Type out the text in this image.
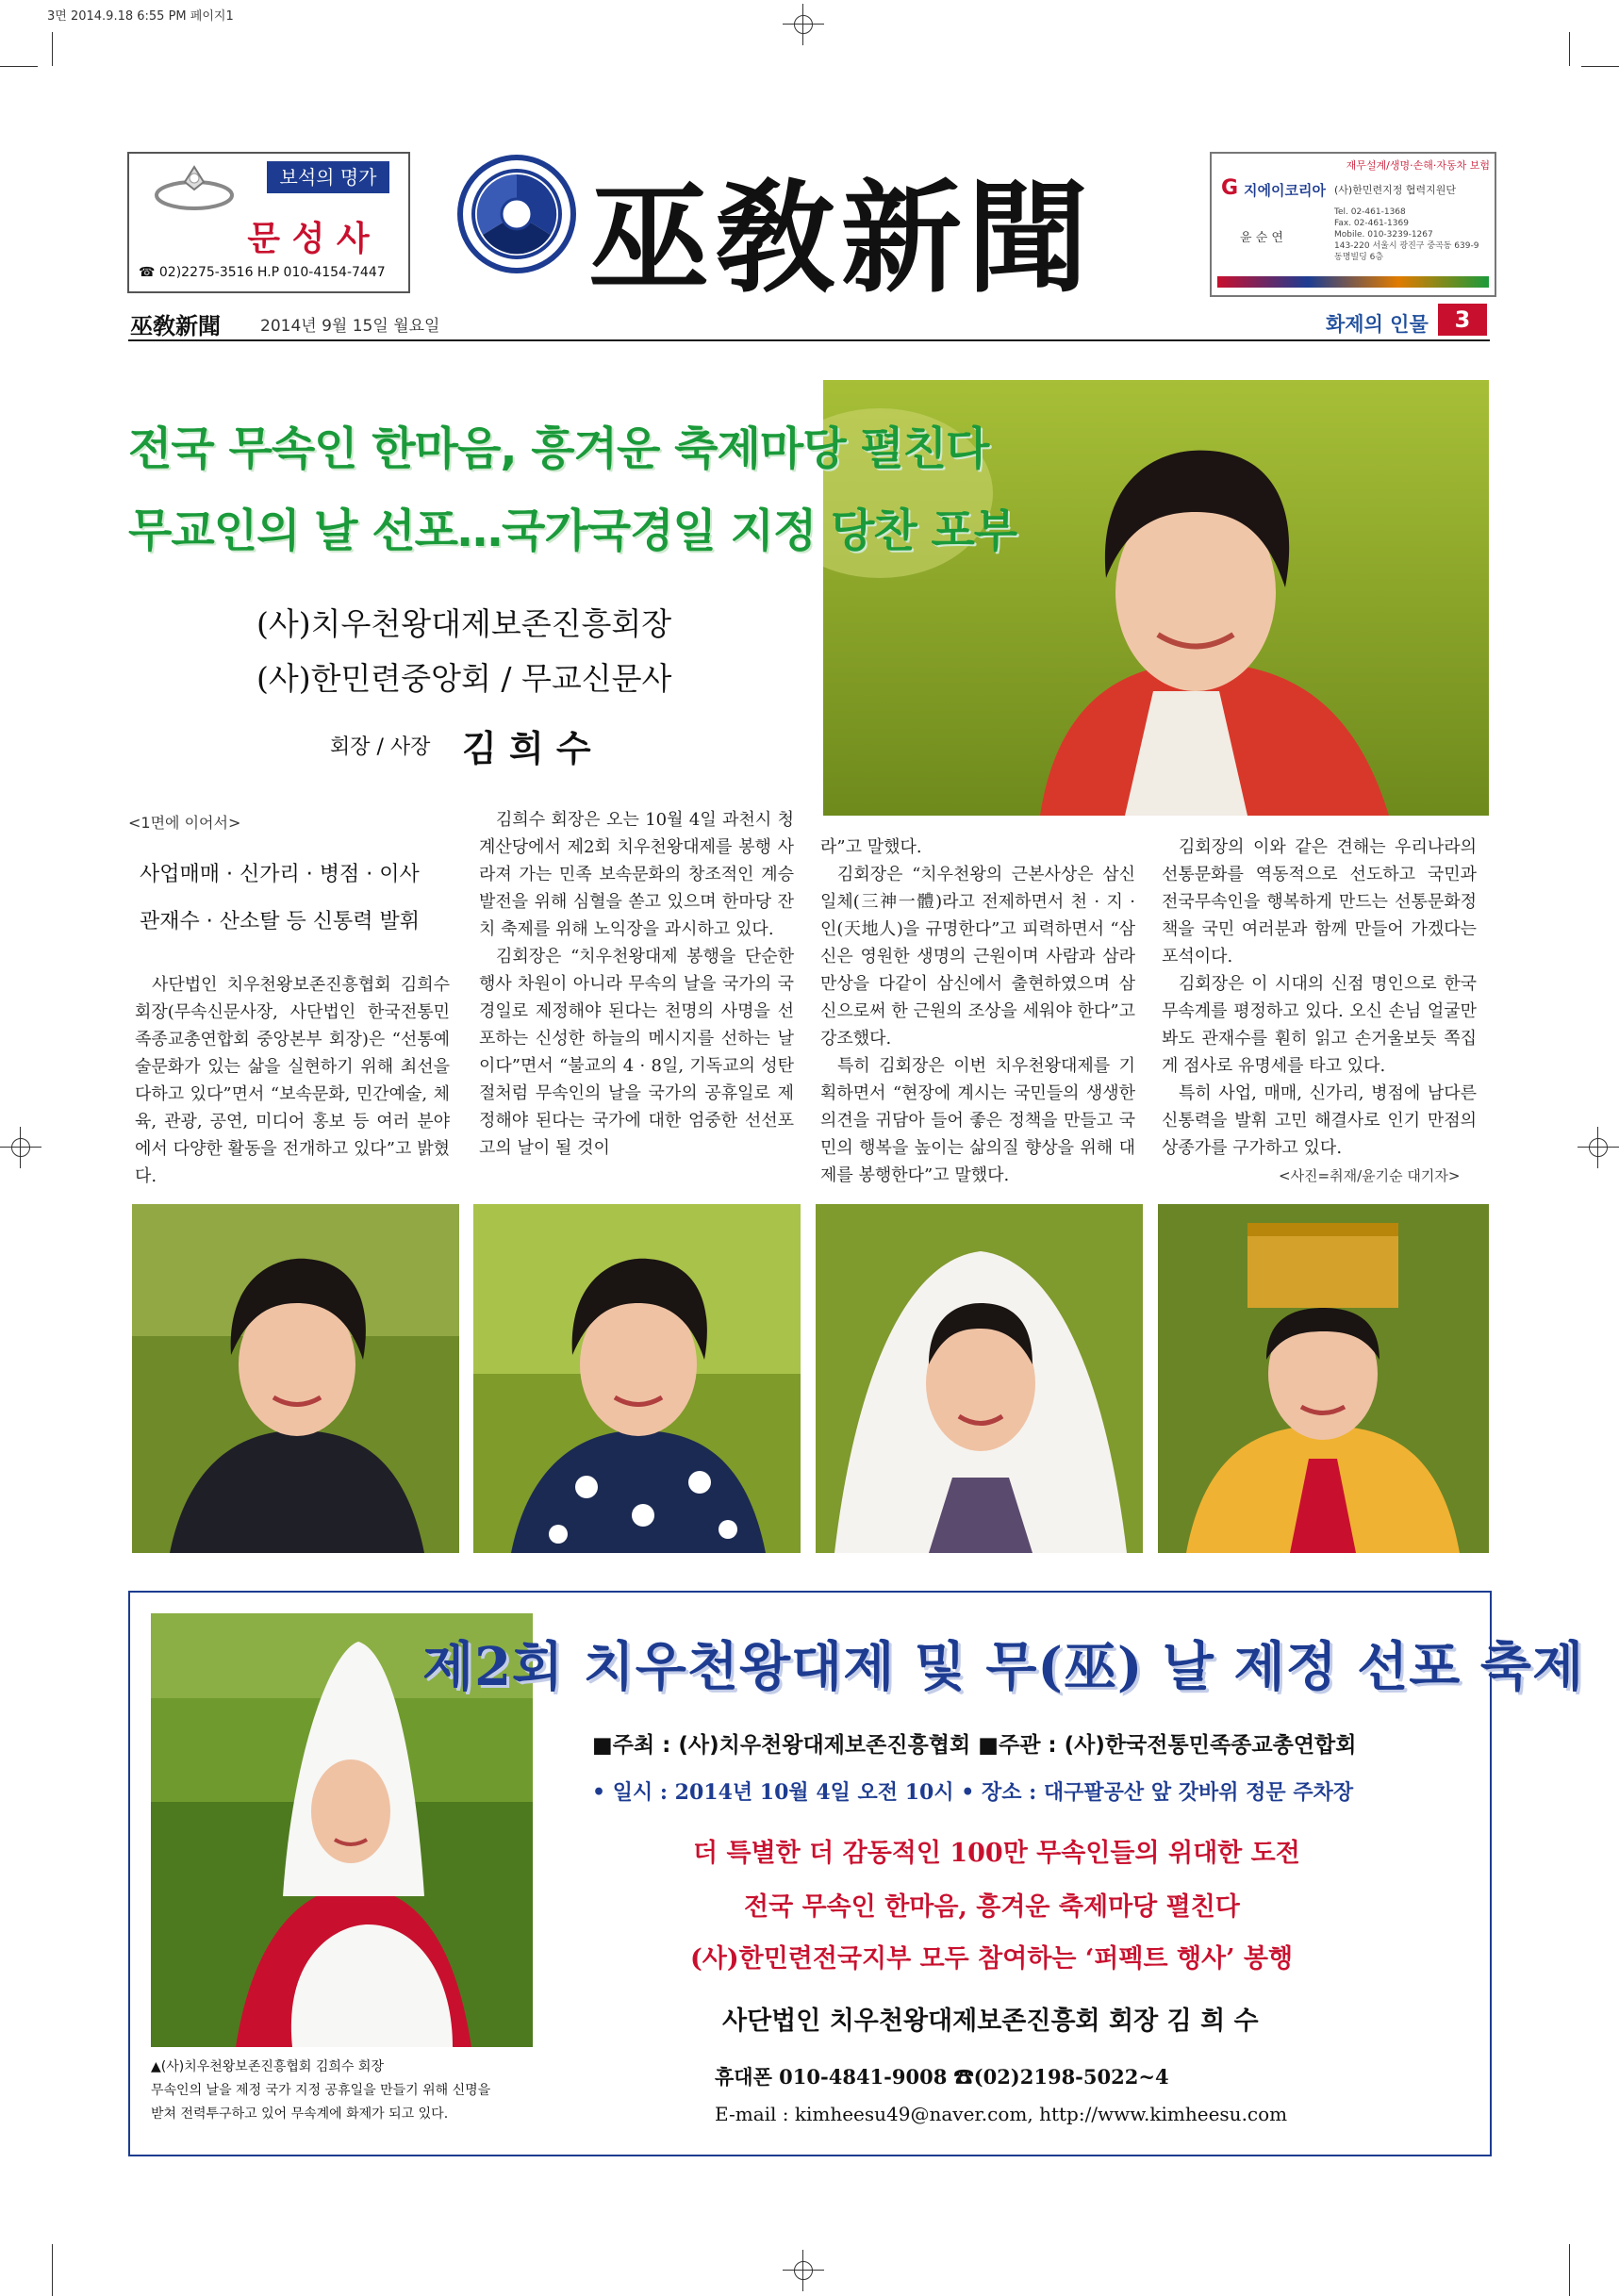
3면 2014.9.18 6:55 PM 페이지1
보석의 명가
문 성 사
☎ 02)2275-3516 H.P 010-4154-7447 巫敎新聞
재무설계/생명·손해·자동차 보험
G 지에이코리아 (사)한민련지정 협력지원단
윤 순 연
Tel. 02-461-1368
Fax. 02-461-1369
Mobile. 010-3239-1267
143-220 서울시 광진구 중곡동 639-9
동명빌딩 6층
巫敎新聞 2014년 9월 15일 월요일	화제의 인물	3
전국 무속인 한마음, 흥겨운 축제마당 펼친다
무교인의 날 선포…국가국경일 지정 당찬 포부
(사)치우천왕대제보존진흥회장
(사)한민련중앙회 / 무교신문사
회장 / 사장 김 희 수
<1면에 이어서>
사업매매 · 신가리 · 병점 · 이사
관재수 · 산소탈 등 신통력 발휘

사단법인 치우천왕보존진흥협회 김희수 회장(무속신문사장, 사단법인 한국전통민족종교총연합회 중앙본부 회장)은 “선통예술문화가 있는 삶을 실현하기 위해 최선을 다하고 있다”면서 “보속문화, 민간예술, 체육, 관광, 공연, 미디어 홍보 등 여러 분야에서 다양한 활동을 전개하고 있다”고 밝혔다.

김희수 회장은 오는 10월 4일 과천시 청계산당에서 제2회 치우천왕대제를 봉행 사라져 가는 민족 보속문화의 창조적인 계승발전을 위해 심혈을 쏟고 있으며 한마당 잔치 축제를 위해 노익장을 과시하고 있다.

김회장은 “치우천왕대제 봉행을 단순한 행사 차원이 아니라 무속의 날을 국가의 국경일로 제정해야 된다는 천명의 사명을 선포하는 신성한 하늘의 메시지를 선하는 날이다”면서 “불교의 4 · 8일, 기독교의 성탄절처럼 무속인의 날을 국가의 공휴일로 제정해야 된다는 국가에 대한 엄중한 선선포고의 날이 될 것이

라”고 말했다.

김회장은 “치우천왕의 근본사상은 삼신일체(三神一體)라고 전제하면서 천 · 지 · 인(天地人)을 규명한다”고 피력하면서 “삼신은 영원한 생명의 근원이며 사람과 삼라만상을 다같이 삼신에서 출현하였으며 삼신으로써 한 근원의 조상을 세워야 한다”고 강조했다.

특히 김회장은 이번 치우천왕대제를 기획하면서 “현장에 계시는 국민들의 생생한 의견을 귀담아 들어 좋은 정책을 만들고 국민의 행복을 높이는 삶의질 향상을 위해 대제를 봉행한다”고 말했다.

김회장의 이와 같은 견해는 우리나라의 선통문화를 역동적으로 선도하고 국민과 전국무속인을 행복하게 만드는 선통문화정책을 국민 여러분과 함께 만들어 가겠다는 포석이다.

김회장은 이 시대의 신점 명인으로 한국무속계를 평정하고 있다. 오신 손님 얼굴만 봐도 관재수를 훤히 읽고 손거울보듯 쪽집게 점사로 유명세를 타고 있다.

특히 사업, 매매, 신가리, 병점에 남다른 신통력을 발휘 고민 해결사로 인기 만점의 상종가를 구가하고 있다.

<사진=취재/윤기순 대기자>
제2회 치우천왕대제 및 무(巫) 날 제정 선포 축제
■주최 : (사)치우천왕대제보존진흥협회 ■주관 : (사)한국전통민족종교총연합회
• 일시 : 2014년 10월 4일 오전 10시 • 장소 : 대구팔공산 앞 갓바위 정문 주차장
더 특별한 더 감동적인 100만 무속인들의 위대한 도전
전국 무속인 한마음, 흥겨운 축제마당 펼친다
(사)한민련전국지부 모두 참여하는 ‘퍼펙트 행사’ 봉행
사단법인 치우천왕대제보존진흥회 회장 김 희 수
휴대폰 010-4841-9008 ☎(02)2198-5022~4
E-mail : kimheesu49@naver.com, http://www.kimheesu.com
▲(사)치우천왕보존진흥협회 김희수 회장
무속인의 날을 제정 국가 지정 공휴일을 만들기 위해 신명을
받쳐 전력투구하고 있어 무속계에 화제가 되고 있다.
